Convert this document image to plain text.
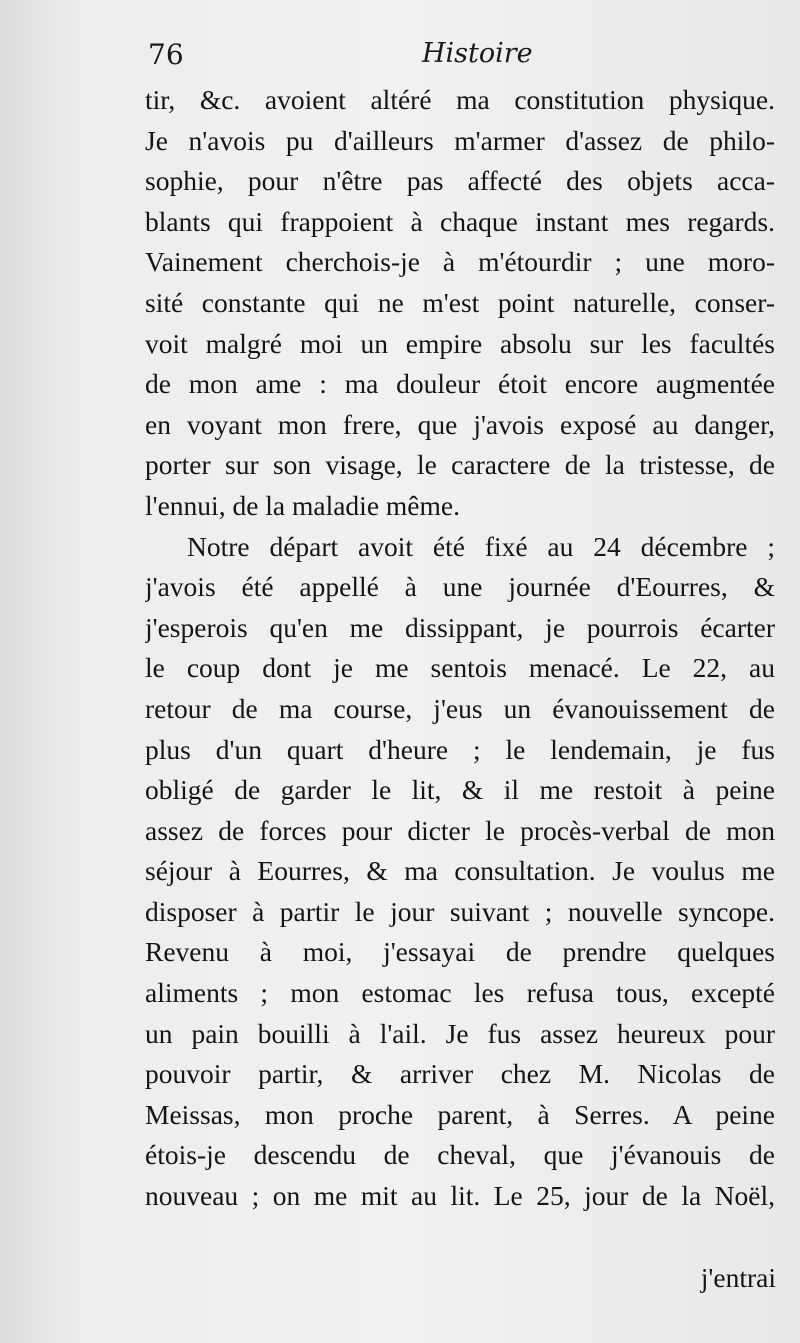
76	Histoire
tir, &c. avoient altéré ma constitution physique.
Je n'avois pu d'ailleurs m'armer d'assez de philo-
sophie, pour n'être pas affecté des objets acca-
blants qui frappoient à chaque instant mes regards.
Vainement cherchois-je à m'étourdir ; une moro-
sité constante qui ne m'est point naturelle, conser-
voit malgré moi un empire absolu sur les facultés
de mon ame : ma douleur étoit encore augmentée
en voyant mon frere, que j'avois exposé au danger,
porter sur son visage, le caractere de la tristesse, de
l'ennui, de la maladie même.
Notre départ avoit été fixé au 24 décembre ;
j'avois été appellé à une journée d'Eourres, &
j'esperois qu'en me dissippant, je pourrois écarter
le coup dont je me sentois menacé. Le 22, au
retour de ma course, j'eus un évanouissement de
plus d'un quart d'heure ; le lendemain, je fus
obligé de garder le lit, & il me restoit à peine
assez de forces pour dicter le procès-verbal de mon
séjour à Eourres, & ma consultation. Je voulus me
disposer à partir le jour suivant ; nouvelle syncope.
Revenu à moi, j'essayai de prendre quelques
aliments ; mon estomac les refusa tous, excepté
un pain bouilli à l'ail. Je fus assez heureux pour
pouvoir partir, & arriver chez M. Nicolas de
Meissas, mon proche parent, à Serres. A peine
étois-je descendu de cheval, que j'évanouis de
nouveau ; on me mit au lit. Le 25, jour de la Noël,
j'entrai
